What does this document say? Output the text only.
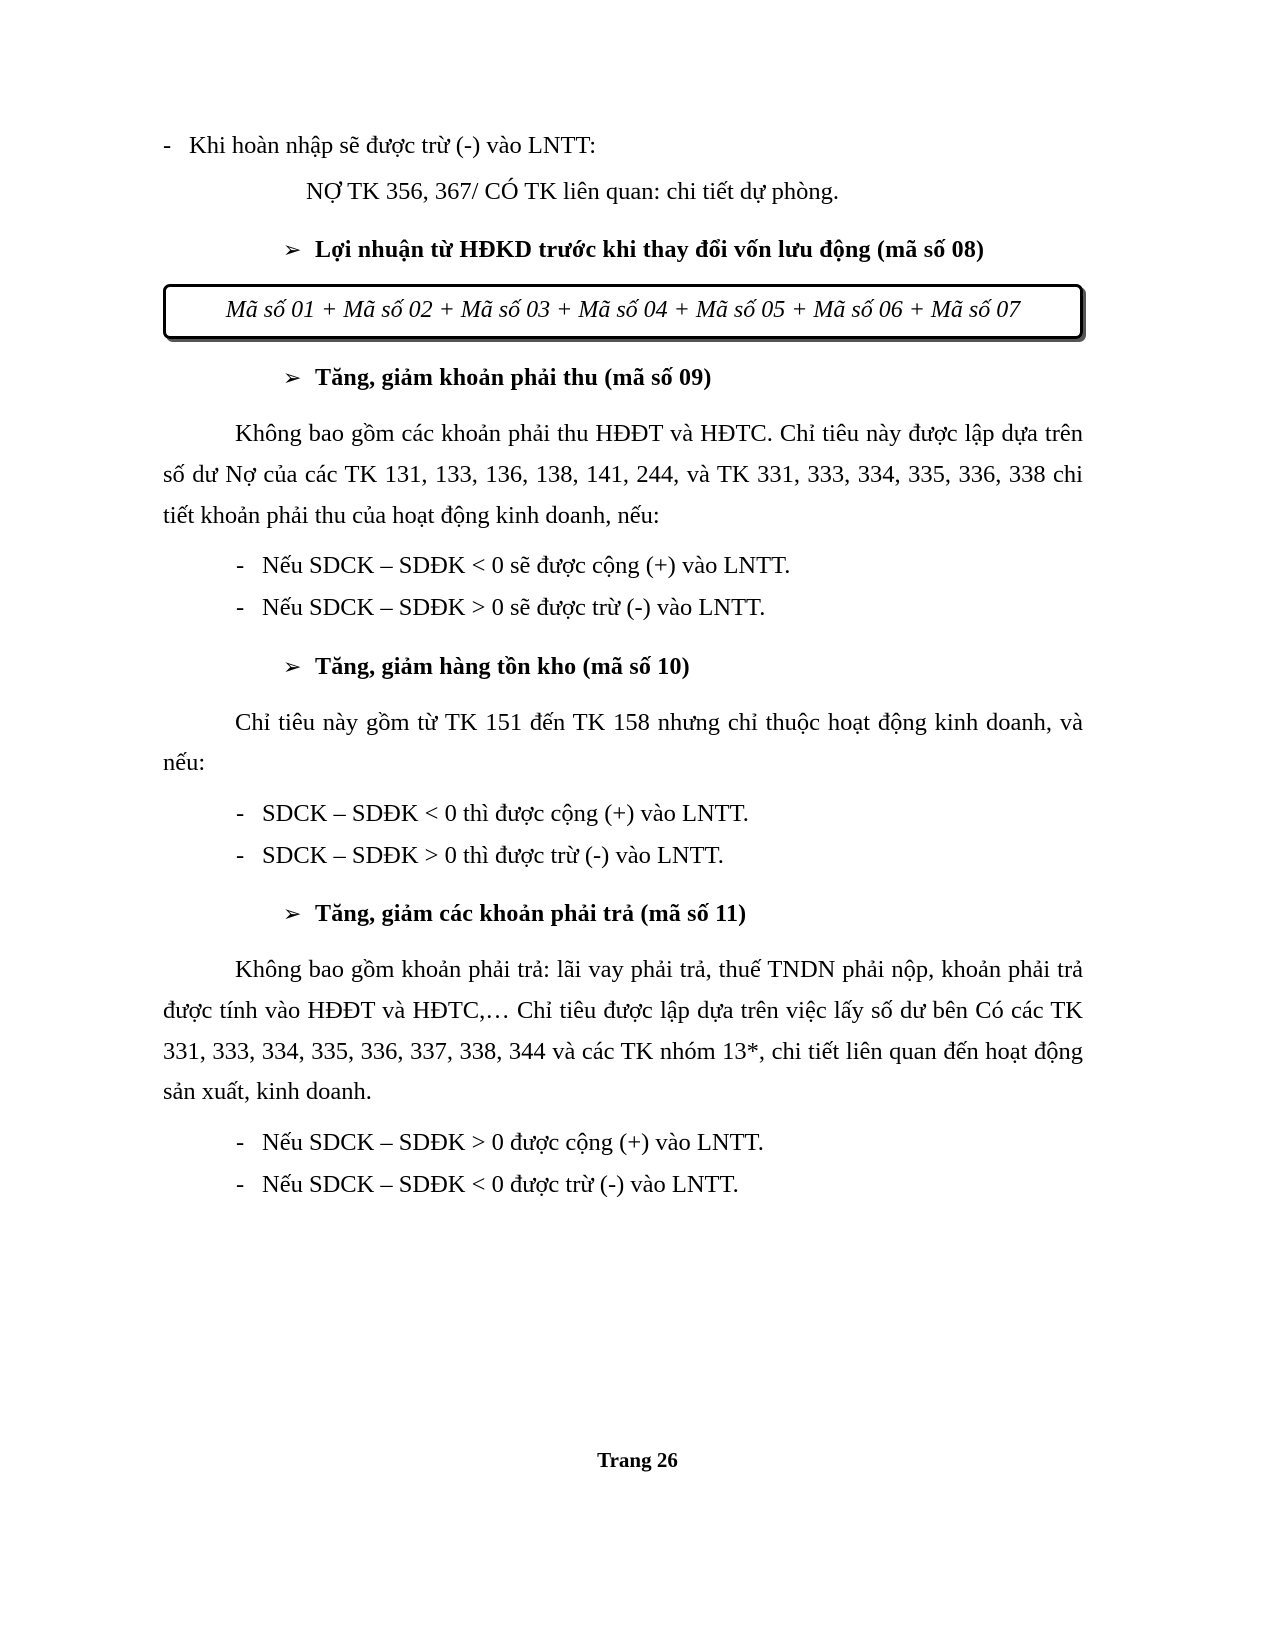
- Khi hoàn nhập sẽ được trừ (-) vào LNTT:

NỢ TK 356, 367/ CÓ TK liên quan: chi tiết dự phòng.

➢ Lợi nhuận từ HĐKD trước khi thay đổi vốn lưu động (mã số 08)
Mã số 01 + Mã số 02 + Mã số 03 + Mã số 04 + Mã số 05 + Mã số 06 + Mã số 07
➢ Tăng, giảm khoản phải thu (mã số 09)

Không bao gồm các khoản phải thu HĐĐT và HĐTC. Chỉ tiêu này được lập dựa trên số dư Nợ của các TK 131, 133, 136, 138, 141, 244, và TK 331, 333, 334, 335, 336, 338 chi tiết khoản phải thu của hoạt động kinh doanh, nếu:

- Nếu SDCK – SDĐK < 0 sẽ được cộng (+) vào LNTT.
- Nếu SDCK – SDĐK > 0 sẽ được trừ (-) vào LNTT.
➢ Tăng, giảm hàng tồn kho (mã số 10)

Chỉ tiêu này gồm từ TK 151 đến TK 158 nhưng chỉ thuộc hoạt động kinh doanh, và nếu:

- SDCK – SDĐK < 0 thì được cộng (+) vào LNTT.
- SDCK – SDĐK > 0 thì được trừ (-) vào LNTT.
➢ Tăng, giảm các khoản phải trả (mã số 11)

Không bao gồm khoản phải trả: lãi vay phải trả, thuế TNDN phải nộp, khoản phải trả được tính vào HĐĐT và HĐTC,… Chỉ tiêu được lập dựa trên việc lấy số dư bên Có các TK 331, 333, 334, 335, 336, 337, 338, 344 và các TK nhóm 13*, chi tiết liên quan đến hoạt động sản xuất, kinh doanh.

- Nếu SDCK – SDĐK > 0 được cộng (+) vào LNTT.
- Nếu SDCK – SDĐK < 0 được trừ (-) vào LNTT.
Trang 26
